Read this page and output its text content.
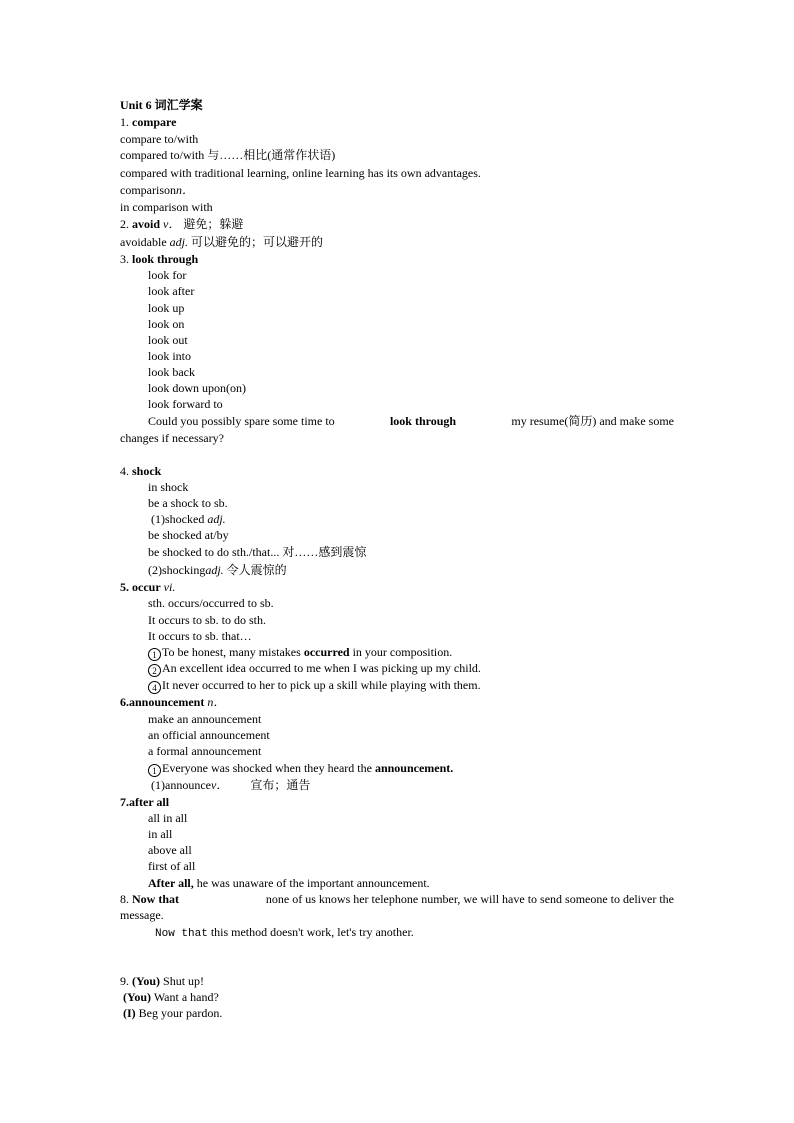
Unit 6 词汇学案
1. compare
compare to/with
compared to/with 与……相比(通常作状语)
compared with traditional learning, online learning has its own advantages.
comparisonn．
in comparison with
2. avoid v． 避免；躲避
avoidable adj. 可以避免的；可以避开的
3. look through
look for
look after
look up
look on
look out
look into
look back
look down upon(on)
look forward to
Could you possibly spare some time to	look through	my resume(简历) and make some
changes if necessary?
4. shock
in shock
be a shock to sb.
(1)shocked adj.
be shocked at/by
be shocked to do sth./that... 对……感到震惊
(2)shockingadj. 令人震惊的
5. occur vi.
sth. occurs/occurred to sb.
It occurs to sb. to do sth.
It occurs to sb. that…
1 To be honest, many mistakes occurred in your composition.
2 An excellent idea occurred to me when I was picking up my child.
4 It never occurred to her to pick up a skill while playing with them.
6.announcement n．
make an announcement
an official announcement
a formal announcement
1 Everyone was shocked when they heard the announcement.
(1)announcev． 宣布；通告
7.after all
all in all
in all
above all
first of all
After all, he was unaware of the important announcement.
8. Now that	none of us knows her telephone number, we will have to send someone to deliver the
message.
Now that this method doesn't work, let's try another.
9. (You) Shut up!
(You) Want a hand?
(I) Beg your pardon.
